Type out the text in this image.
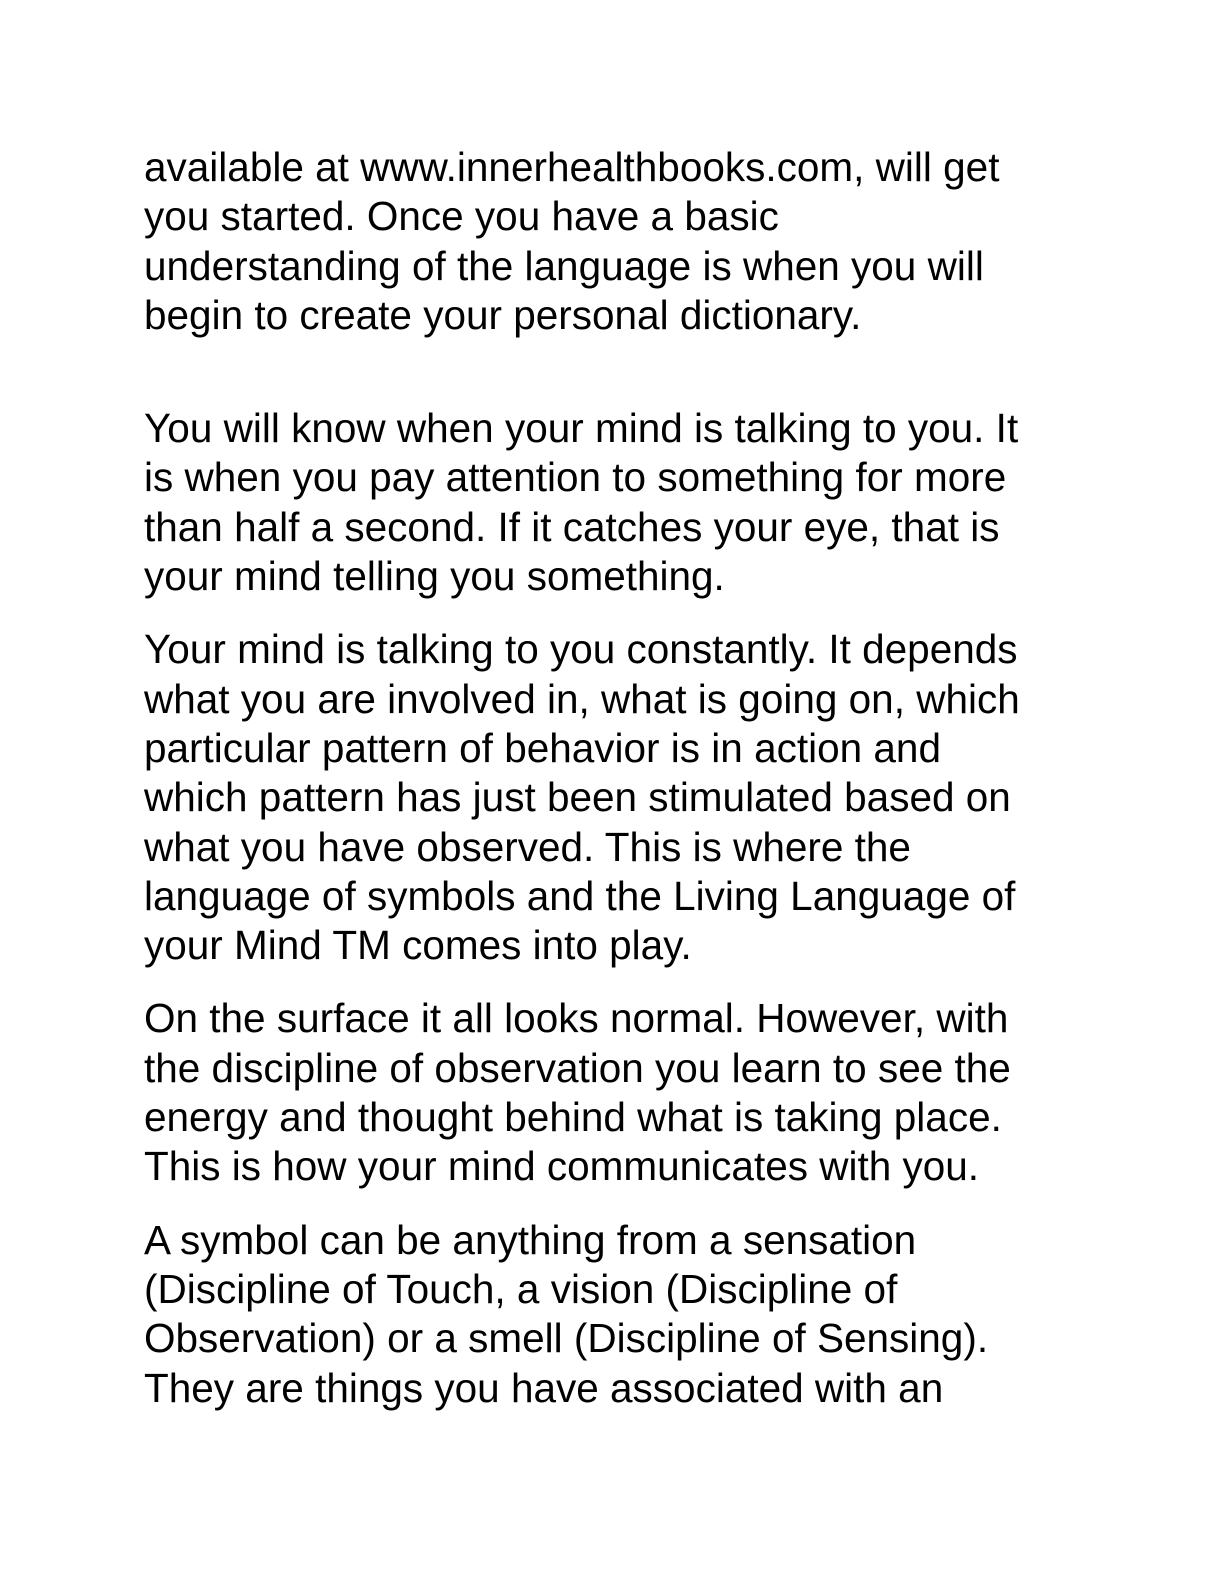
available at www.innerhealthbooks.com, will get
you started. Once you have a basic
understanding of the language is when you will
begin to create your personal dictionary.

You will know when your mind is talking to you. It
is when you pay attention to something for more
than half a second. If it catches your eye, that is
your mind telling you something.

Your mind is talking to you constantly. It depends
what you are involved in, what is going on, which
particular pattern of behavior is in action and
which pattern has just been stimulated based on
what you have observed. This is where the
language of symbols and the Living Language of
your Mind TM comes into play.

On the surface it all looks normal. However, with
the discipline of observation you learn to see the
energy and thought behind what is taking place.
This is how your mind communicates with you.

A symbol can be anything from a sensation
(Discipline of Touch, a vision (Discipline of
Observation) or a smell (Discipline of Sensing).
They are things you have associated with an
